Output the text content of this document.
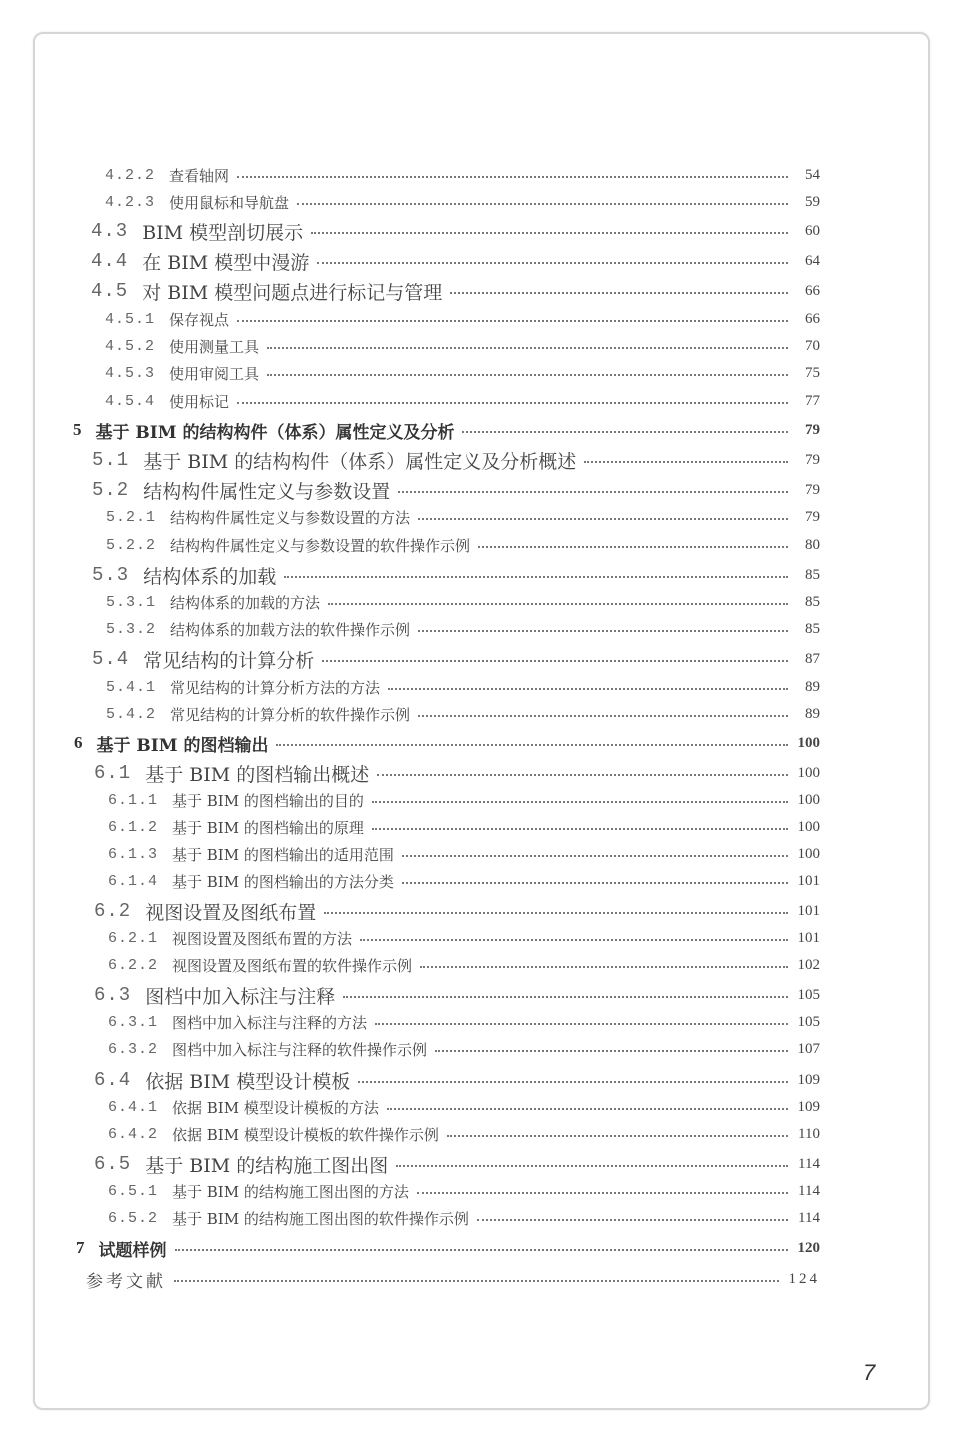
4.2.2 查看轴网	54
4.2.3 使用鼠标和导航盘	59
4.3 BIM 模型剖切展示	60
4.4 在 BIM 模型中漫游	64
4.5 对 BIM 模型问题点进行标记与管理	66
4.5.1 保存视点	66
4.5.2 使用测量工具	70
4.5.3 使用审阅工具	75
4.5.4 使用标记	77
5 基于 BIM 的结构构件（体系）属性定义及分析	79
5.1 基于 BIM 的结构构件（体系）属性定义及分析概述	79
5.2 结构构件属性定义与参数设置	79
5.2.1 结构构件属性定义与参数设置的方法	79
5.2.2 结构构件属性定义与参数设置的软件操作示例	80
5.3 结构体系的加载	85
5.3.1 结构体系的加载的方法	85
5.3.2 结构体系的加载方法的软件操作示例	85
5.4 常见结构的计算分析	87
5.4.1 常见结构的计算分析方法的方法	89
5.4.2 常见结构的计算分析的软件操作示例	89
6 基于 BIM 的图档输出	100
6.1 基于 BIM 的图档输出概述	100
6.1.1 基于 BIM 的图档输出的目的	100
6.1.2 基于 BIM 的图档输出的原理	100
6.1.3 基于 BIM 的图档输出的适用范围	100
6.1.4 基于 BIM 的图档输出的方法分类	101
6.2 视图设置及图纸布置	101
6.2.1 视图设置及图纸布置的方法	101
6.2.2 视图设置及图纸布置的软件操作示例	102
6.3 图档中加入标注与注释	105
6.3.1 图档中加入标注与注释的方法	105
6.3.2 图档中加入标注与注释的软件操作示例	107
6.4 依据 BIM 模型设计模板	109
6.4.1 依据 BIM 模型设计模板的方法	109
6.4.2 依据 BIM 模型设计模板的软件操作示例	110
6.5 基于 BIM 的结构施工图出图	114
6.5.1 基于 BIM 的结构施工图出图的方法	114
6.5.2 基于 BIM 的结构施工图出图的软件操作示例	114
7 试题样例	120
参考文献	124
7
